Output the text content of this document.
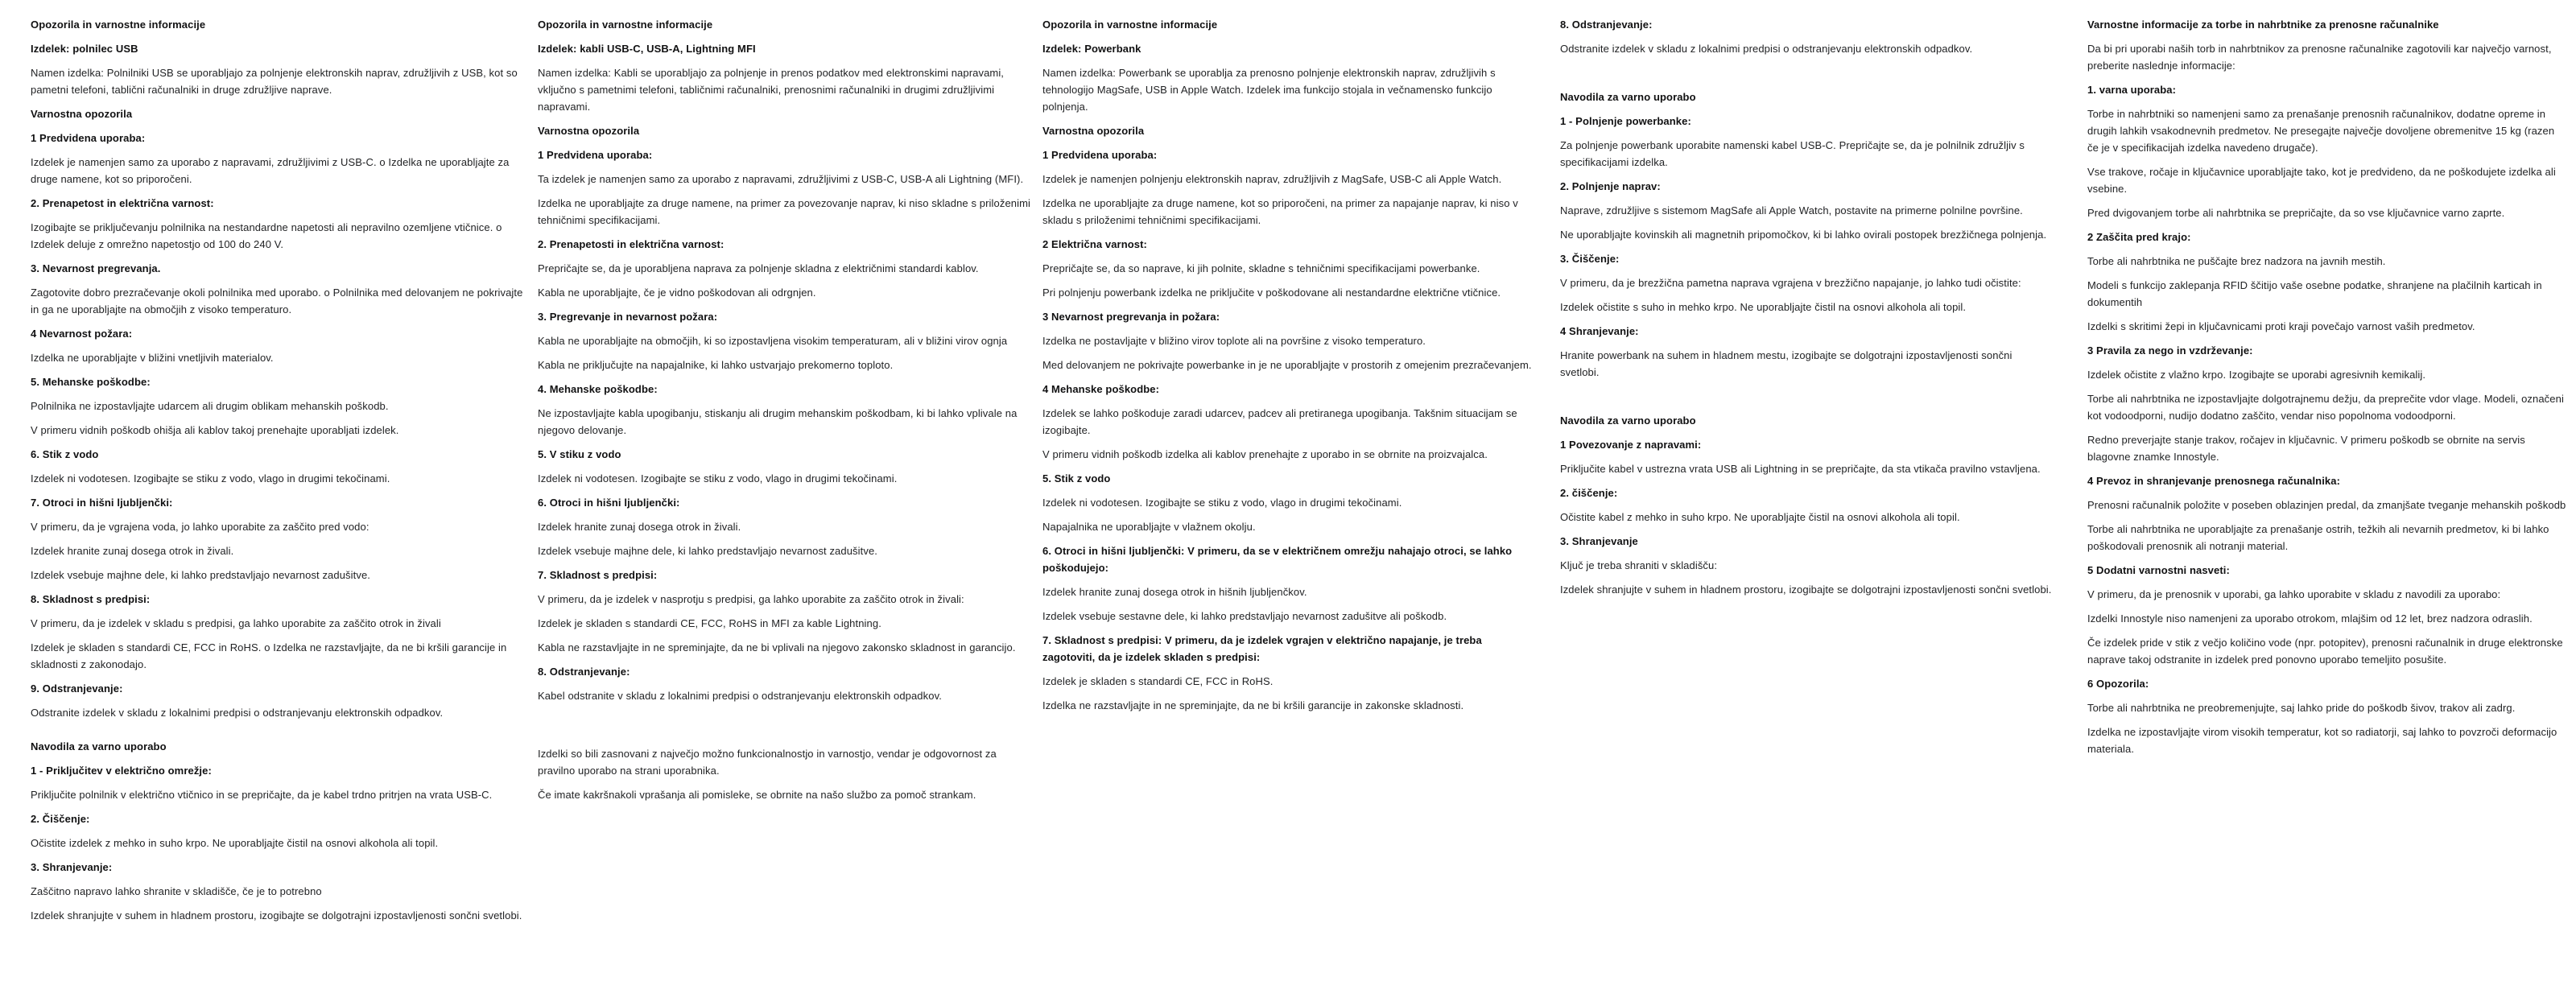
Opozorila in varnostne informacije
Izdelek: polnilec USB
Namen izdelka: Polnilniki USB se uporabljajo za polnjenje elektronskih naprav, združljivih z USB, kot so pametni telefoni, tablični računalniki in druge združljive naprave.
Varnostna opozorila
1 Predvidena uporaba:
Izdelek je namenjen samo za uporabo z napravami, združljivimi z USB-C. o Izdelka ne uporabljajte za druge namene, kot so priporočeni.
2. Prenapetost in električna varnost:
Izogibajte se priključevanju polnilnika na nestandardne napetosti ali nepravilno ozemljene vtičnice. o Izdelek deluje z omrežno napetostjo od 100 do 240 V.
3. Nevarnost pregrevanja.
Zagotovite dobro prezračevanje okoli polnilnika med uporabo. o Polnilnika med delovanjem ne pokrivajte in ga ne uporabljajte na območjih z visoko temperaturo.
4 Nevarnost požara:
Izdelka ne uporabljajte v bližini vnetljivih materialov.
5. Mehanske poškodbe:
Polnilnika ne izpostavljajte udarcem ali drugim oblikam mehanskih poškodb.
V primeru vidnih poškodb ohišja ali kablov takoj prenehajte uporabljati izdelek.
6. Stik z vodo
Izdelek ni vodotesen. Izogibajte se stiku z vodo, vlago in drugimi tekočinami.
7. Otroci in hišni ljubljenčki:
V primeru, da je vgrajena voda, jo lahko uporabite za zaščito pred vodo:
Izdelek hranite zunaj dosega otrok in živali.
Izdelek vsebuje majhne dele, ki lahko predstavljajo nevarnost zadušitve.
8. Skladnost s predpisi:
V primeru, da je izdelek v skladu s predpisi, ga lahko uporabite za zaščito otrok in živali
Izdelek je skladen s standardi CE, FCC in RoHS. o Izdelka ne razstavljajte, da ne bi kršili garancije in skladnosti z zakonodajo.
9. Odstranjevanje:
Odstranite izdelek v skladu z lokalnimi predpisi o odstranjevanju elektronskih odpadkov.
Navodila za varno uporabo
1 - Priključitev v električno omrežje:
Priključite polnilnik v električno vtičnico in se prepričajte, da je kabel trdno pritrjen na vrata USB-C.
2. Čiščenje:
Očistite izdelek z mehko in suho krpo. Ne uporabljajte čistil na osnovi alkohola ali topil.
3. Shranjevanje:
Zaščitno napravo lahko shranite v skladišče, če je to potrebno
Izdelek shranjujte v suhem in hladnem prostoru, izogibajte se dolgotrajni izpostavljenosti sončni svetlobi.
Opozorila in varnostne informacije
Izdelek: kabli USB-C, USB-A, Lightning MFI
Namen izdelka: Kabli se uporabljajo za polnjenje in prenos podatkov med elektronskimi napravami, vključno s pametnimi telefoni, tabličnimi računalniki, prenosnimi računalniki in drugimi združljivimi napravami.
Varnostna opozorila
1 Predvidena uporaba:
Ta izdelek je namenjen samo za uporabo z napravami, združljivimi z USB-C, USB-A ali Lightning (MFI).
Izdelka ne uporabljajte za druge namene, na primer za povezovanje naprav, ki niso skladne s priloženimi tehničnimi specifikacijami.
2. Prenapetosti in električna varnost:
Prepričajte se, da je uporabljena naprava za polnjenje skladna z električnimi standardi kablov.
Kabla ne uporabljajte, če je vidno poškodovan ali odrgnjen.
3. Pregrevanje in nevarnost požara:
Kabla ne uporabljajte na območjih, ki so izpostavljena visokim temperaturam, ali v bližini virov ognja
Kabla ne priključujte na napajalnike, ki lahko ustvarjajo prekomerno toploto.
4. Mehanske poškodbe:
Ne izpostavljajte kabla upogibanju, stiskanju ali drugim mehanskim poškodbam, ki bi lahko vplivale na njegovo delovanje.
5. V stiku z vodo
Izdelek ni vodotesen. Izogibajte se stiku z vodo, vlago in drugimi tekočinami.
6. Otroci in hišni ljubljenčki:
Izdelek hranite zunaj dosega otrok in živali.
Izdelek vsebuje majhne dele, ki lahko predstavljajo nevarnost zadušitve.
7. Skladnost s predpisi:
V primeru, da je izdelek v nasprotju s predpisi, ga lahko uporabite za zaščito otrok in živali:
Izdelek je skladen s standardi CE, FCC, RoHS in MFI za kable Lightning.
Kabla ne razstavljajte in ne spreminjajte, da ne bi vplivali na njegovo zakonsko skladnost in garancijo.
8. Odstranjevanje:
Kabel odstranite v skladu z lokalnimi predpisi o odstranjevanju elektronskih odpadkov.
Izdelki so bili zasnovani z največjo možno funkcionalnostjo in varnostjo, vendar je odgovornost za pravilno uporabo na strani uporabnika.
Če imate kakršnakoli vprašanja ali pomisleke, se obrnite na našo službo za pomoč strankam.
Opozorila in varnostne informacije
Izdelek: Powerbank
Namen izdelka: Powerbank se uporablja za prenosno polnjenje elektronskih naprav, združljivih s tehnologijo MagSafe, USB in Apple Watch. Izdelek ima funkcijo stojala in večnamensko funkcijo polnjenja.
Varnostna opozorila
1 Predvidena uporaba:
Izdelek je namenjen polnjenju elektronskih naprav, združljivih z MagSafe, USB-C ali Apple Watch.
Izdelka ne uporabljajte za druge namene, kot so priporočeni, na primer za napajanje naprav, ki niso v skladu s priloženimi tehničnimi specifikacijami.
2 Električna varnost:
Prepričajte se, da so naprave, ki jih polnite, skladne s tehničnimi specifikacijami powerbanke.
Pri polnjenju powerbank izdelka ne priključite v poškodovane ali nestandardne električne vtičnice.
3 Nevarnost pregrevanja in požara:
Izdelka ne postavljajte v bližino virov toplote ali na površine z visoko temperaturo.
Med delovanjem ne pokrivajte powerbanke in je ne uporabljajte v prostorih z omejenim prezračevanjem.
4 Mehanske poškodbe:
Izdelek se lahko poškoduje zaradi udarcev, padcev ali pretiranega upogibanja. Takšnim situacijam se izogibajte.
V primeru vidnih poškodb izdelka ali kablov prenehajte z uporabo in se obrnite na proizvajalca.
5. Stik z vodo
Izdelek ni vodotesen. Izogibajte se stiku z vodo, vlago in drugimi tekočinami.
Napajalnika ne uporabljajte v vlažnem okolju.
6. Otroci in hišni ljubljenčki: V primeru, da se v električnem omrežju nahajajo otroci, se lahko poškodujejo:
Izdelek hranite zunaj dosega otrok in hišnih ljubljenčkov.
Izdelek vsebuje sestavne dele, ki lahko predstavljajo nevarnost zadušitve ali poškodb.
7. Skladnost s predpisi: V primeru, da je izdelek vgrajen v električno napajanje, je treba zagotoviti, da je izdelek skladen s predpisi:
Izdelek je skladen s standardi CE, FCC in RoHS.
Izdelka ne razstavljajte in ne spreminjajte, da ne bi kršili garancije in zakonske skladnosti.
8. Odstranjevanje:
Odstranite izdelek v skladu z lokalnimi predpisi o odstranjevanju elektronskih odpadkov.
Navodila za varno uporabo
1 - Polnjenje powerbanke:
Za polnjenje powerbank uporabite namenski kabel USB-C. Prepričajte se, da je polnilnik združljiv s specifikacijami izdelka.
2. Polnjenje naprav:
Naprave, združljive s sistemom MagSafe ali Apple Watch, postavite na primerne polnilne površine.
Ne uporabljajte kovinskih ali magnetnih pripomočkov, ki bi lahko ovirali postopek brezžičnega polnjenja.
3. Čiščenje:
V primeru, da je brezžična pametna naprava vgrajena v brezžično napajanje, jo lahko tudi očistite:
Izdelek očistite s suho in mehko krpo. Ne uporabljajte čistil na osnovi alkohola ali topil.
4 Shranjevanje:
Hranite powerbank na suhem in hladnem mestu, izogibajte se dolgotrajni izpostavljenosti sončni svetlobi.
Navodila za varno uporabo
1 Povezovanje z napravami:
Priključite kabel v ustrezna vrata USB ali Lightning in se prepričajte, da sta vtikača pravilno vstavljena.
2. čiščenje:
Očistite kabel z mehko in suho krpo. Ne uporabljajte čistil na osnovi alkohola ali topil.
3. Shranjevanje
Ključ je treba shraniti v skladišču:
Izdelek shranjujte v suhem in hladnem prostoru, izogibajte se dolgotrajni izpostavljenosti sončni svetlobi.
Varnostne informacije za torbe in nahrbtnike za prenosne računalnike
Da bi pri uporabi naših torb in nahrbtnikov za prenosne računalnike zagotovili kar največjo varnost, preberite naslednje informacije:
1. varna uporaba:
Torbe in nahrbtniki so namenjeni samo za prenašanje prenosnih računalnikov, dodatne opreme in drugih lahkih vsakodnevnih predmetov. Ne presegajte največje dovoljene obremenitve 15 kg (razen če je v specifikacijah izdelka navedeno drugače).
Vse trakove, ročaje in ključavnice uporabljajte tako, kot je predvideno, da ne poškodujete izdelka ali vsebine.
Pred dvigovanjem torbe ali nahrbtnika se prepričajte, da so vse ključavnice varno zaprte.
2 Zaščita pred krajo:
Torbe ali nahrbtnika ne puščajte brez nadzora na javnih mestih.
Modeli s funkcijo zaklepanja RFID ščitijo vaše osebne podatke, shranjene na plačilnih karticah in dokumentih
Izdelki s skritimi žepi in ključavnicami proti kraji povečajo varnost vaših predmetov.
3 Pravila za nego in vzdrževanje:
Izdelek očistite z vlažno krpo. Izogibajte se uporabi agresivnih kemikalij.
Torbe ali nahrbtnika ne izpostavljajte dolgotrajnemu dežju, da preprečite vdor vlage. Modeli, označeni kot vodoodporni, nudijo dodatno zaščito, vendar niso popolnoma vodoodporni.
Redno preverjajte stanje trakov, ročajev in ključavnic. V primeru poškodb se obrnite na servis blagovne znamke Innostyle.
4 Prevoz in shranjevanje prenosnega računalnika:
Prenosni računalnik položite v poseben oblazinjen predal, da zmanjšate tveganje mehanskih poškodb
Torbe ali nahrbtnika ne uporabljajte za prenašanje ostrih, težkih ali nevarnih predmetov, ki bi lahko poškodovali prenosnik ali notranji material.
5 Dodatni varnostni nasveti:
V primeru, da je prenosnik v uporabi, ga lahko uporabite v skladu z navodili za uporabo:
Izdelki Innostyle niso namenjeni za uporabo otrokom, mlajšim od 12 let, brez nadzora odraslih.
Če izdelek pride v stik z večjo količino vode (npr. potopitev), prenosni računalnik in druge elektronske naprave takoj odstranite in izdelek pred ponovno uporabo temeljito posušite.
6 Opozorila:
Torbe ali nahrbtnika ne preobremenjujte, saj lahko pride do poškodb šivov, trakov ali zadrg.
Izdelka ne izpostavljajte virom visokih temperatur, kot so radiatorji, saj lahko to povzroči deformacijo materiala.
